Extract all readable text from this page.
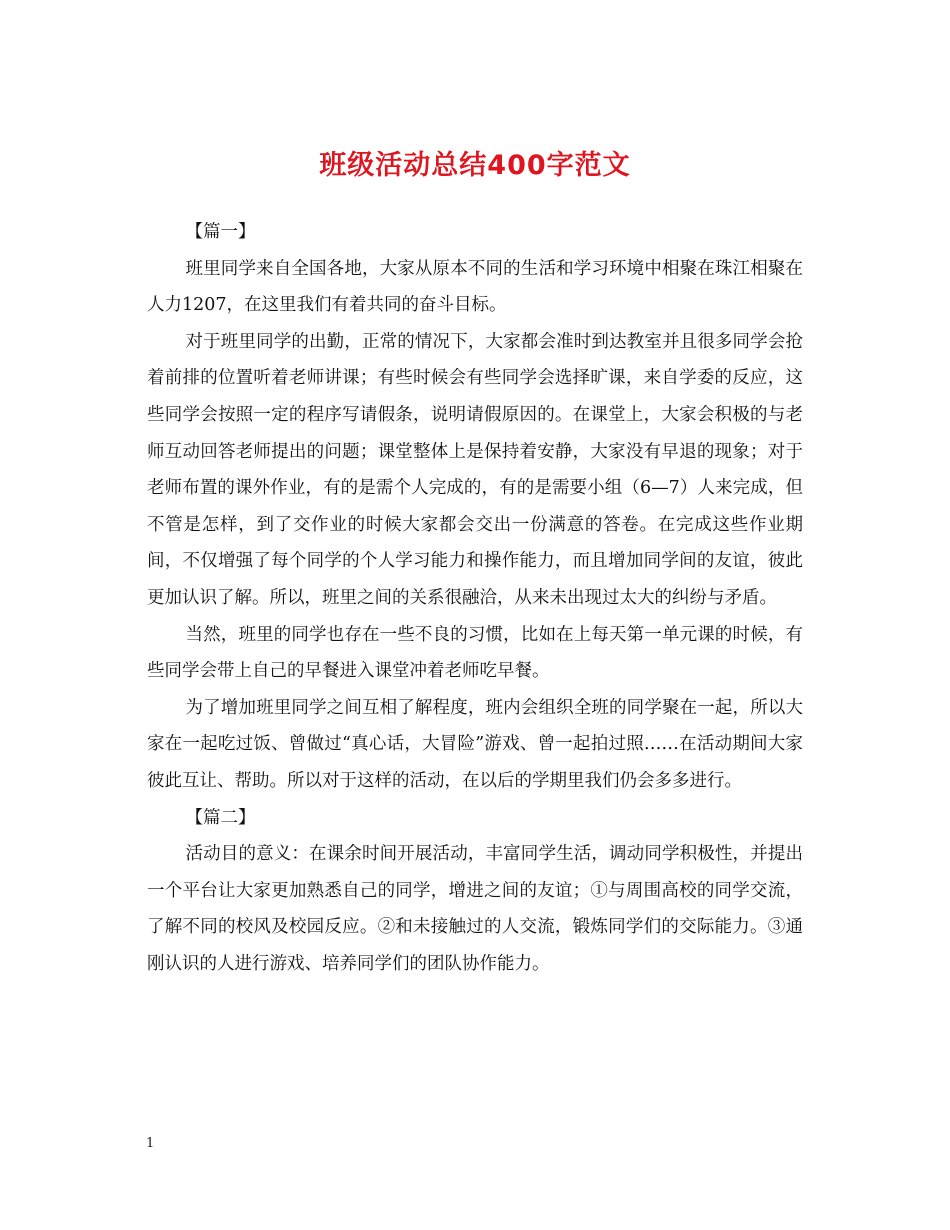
班级活动总结400字范文

【篇一】

班里同学来自全国各地，大家从原本不同的生活和学习环境中相聚在珠江相聚在人力1207，在这里我们有着共同的奋斗目标。

对于班里同学的出勤，正常的情况下，大家都会准时到达教室并且很多同学会抢着前排的位置听着老师讲课；有些时候会有些同学会选择旷课，来自学委的反应，这些同学会按照一定的程序写请假条，说明请假原因的。在课堂上，大家会积极的与老师互动回答老师提出的问题；课堂整体上是保持着安静，大家没有早退的现象；对于老师布置的课外作业，有的是需个人完成的，有的是需要小组（6—7）人来完成，但不管是怎样，到了交作业的时候大家都会交出一份满意的答卷。在完成这些作业期间，不仅增强了每个同学的个人学习能力和操作能力，而且增加同学间的友谊，彼此更加认识了解。所以，班里之间的关系很融洽，从来未出现过太大的纠纷与矛盾。

当然，班里的同学也存在一些不良的习惯，比如在上每天第一单元课的时候，有些同学会带上自己的早餐进入课堂冲着老师吃早餐。

为了增加班里同学之间互相了解程度，班内会组织全班的同学聚在一起，所以大家在一起吃过饭、曾做过“真心话，大冒险”游戏、曾一起拍过照……在活动期间大家彼此互让、帮助。所以对于这样的活动，在以后的学期里我们仍会多多进行。

【篇二】

活动目的意义：在课余时间开展活动，丰富同学生活，调动同学积极性，并提出一个平台让大家更加熟悉自己的同学，增进之间的友谊；①与周围高校的同学交流，了解不同的校风及校园反应。②和未接触过的人交流，锻炼同学们的交际能力。③通刚认识的人进行游戏、培养同学们的团队协作能力。

1
